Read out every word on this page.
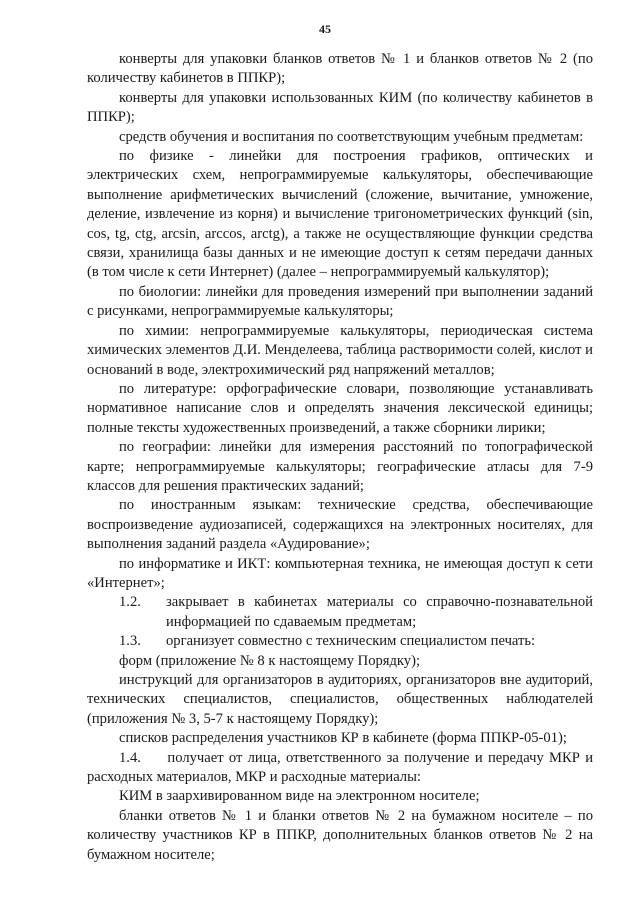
45

конверты для упаковки бланков ответов № 1 и бланков ответов № 2 (по количеству кабинетов в ППКР);

конверты для упаковки использованных КИМ (по количеству кабинетов в ППКР);

средств обучения и воспитания по соответствующим учебным предметам:

по физике - линейки для построения графиков, оптических и электрических схем, непрограммируемые калькуляторы, обеспечивающие выполнение арифметических вычислений (сложение, вычитание, умножение, деление, извлечение из корня) и вычисление тригонометрических функций (sin, cos, tg, ctg, arcsin, arccos, arctg), а также не осуществляющие функции средства связи, хранилища базы данных и не имеющие доступ к сетям передачи данных (в том числе к сети Интернет) (далее – непрограммируемый калькулятор);

по биологии: линейки для проведения измерений при выполнении заданий с рисунками, непрограммируемые калькуляторы;

по химии: непрограммируемые калькуляторы, периодическая система химических элементов Д.И. Менделеева, таблица растворимости солей, кислот и оснований в воде, электрохимический ряд напряжений металлов;

по литературе: орфографические словари, позволяющие устанавливать нормативное написание слов и определять значения лексической единицы; полные тексты художественных произведений, а также сборники лирики;

по географии: линейки для измерения расстояний по топографической карте; непрограммируемые калькуляторы; географические атласы для 7-9 классов для решения практических заданий;

по иностранным языкам: технические средства, обеспечивающие воспроизведение аудиозаписей, содержащихся на электронных носителях, для выполнения заданий раздела «Аудирование»;

по информатике и ИКТ: компьютерная техника, не имеющая доступ к сети «Интернет»;

1.2.	закрывает в кабинетах материалы со справочно-познавательной информацией по сдаваемым предметам;
1.3.	организует совместно с техническим специалистом печать:

форм (приложение № 8 к настоящему Порядку);

инструкций для организаторов в аудиториях, организаторов вне аудиторий, технических специалистов, специалистов, общественных наблюдателей (приложения № 3, 5-7 к настоящему Порядку);

списков распределения участников КР в кабинете (форма ППКР-05-01);

1.4. получает от лица, ответственного за получение и передачу МКР и расходных материалов, МКР и расходные материалы:

КИМ в заархивированном виде на электронном носителе;

бланки ответов № 1 и бланки ответов № 2 на бумажном носителе – по количеству участников КР в ППКР, дополнительных бланков ответов № 2 на бумажном носителе;
